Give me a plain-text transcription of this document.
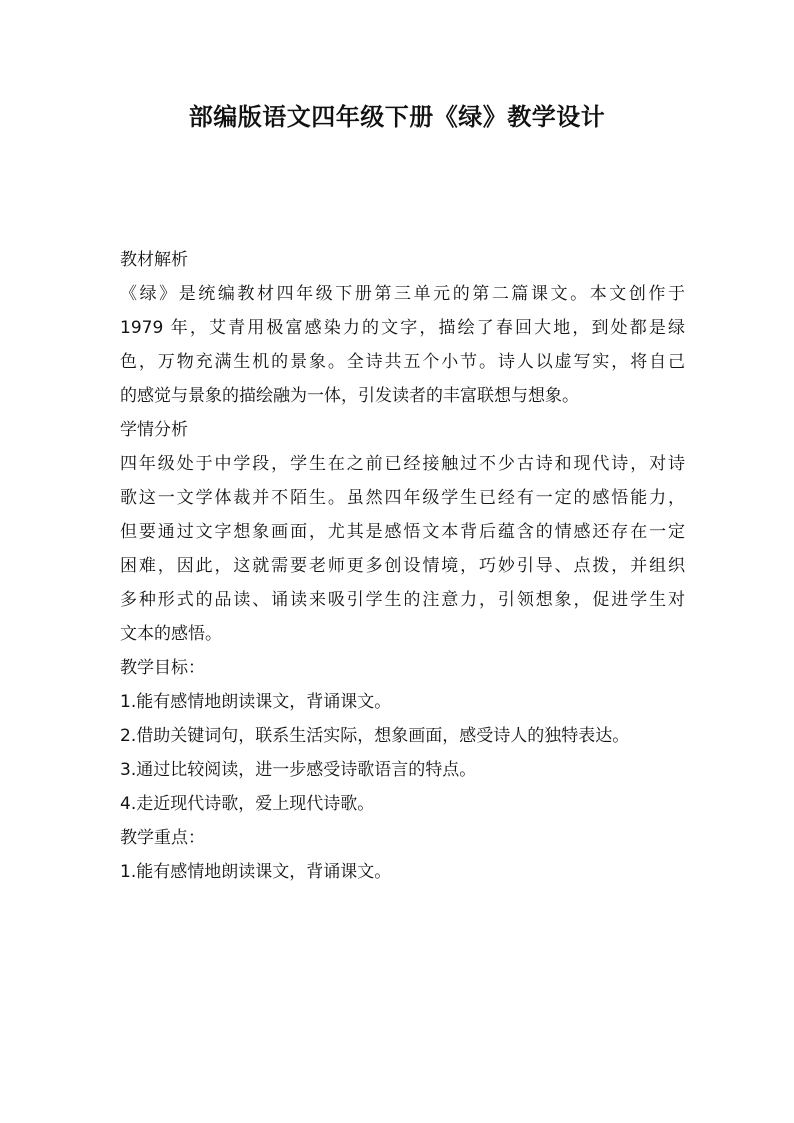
部编版语文四年级下册《绿》教学设计
教材解析
《绿》是统编教材四年级下册第三单元的第二篇课文。本文创作于
1979 年，艾青用极富感染力的文字，描绘了春回大地，到处都是绿
色，万物充满生机的景象。全诗共五个小节。诗人以虚写实，将自己
的感觉与景象的描绘融为一体，引发读者的丰富联想与想象。
学情分析
四年级处于中学段，学生在之前已经接触过不少古诗和现代诗，对诗
歌这一文学体裁并不陌生。虽然四年级学生已经有一定的感悟能力，
但要通过文字想象画面，尤其是感悟文本背后蕴含的情感还存在一定
困难，因此，这就需要老师更多创设情境，巧妙引导、点拨，并组织
多种形式的品读、诵读来吸引学生的注意力，引领想象，促进学生对
文本的感悟。
教学目标：
1.能有感情地朗读课文，背诵课文。
2.借助关键词句，联系生活实际，想象画面，感受诗人的独特表达。
3.通过比较阅读，进一步感受诗歌语言的特点。
4.走近现代诗歌，爱上现代诗歌。
教学重点：
1.能有感情地朗读课文，背诵课文。
